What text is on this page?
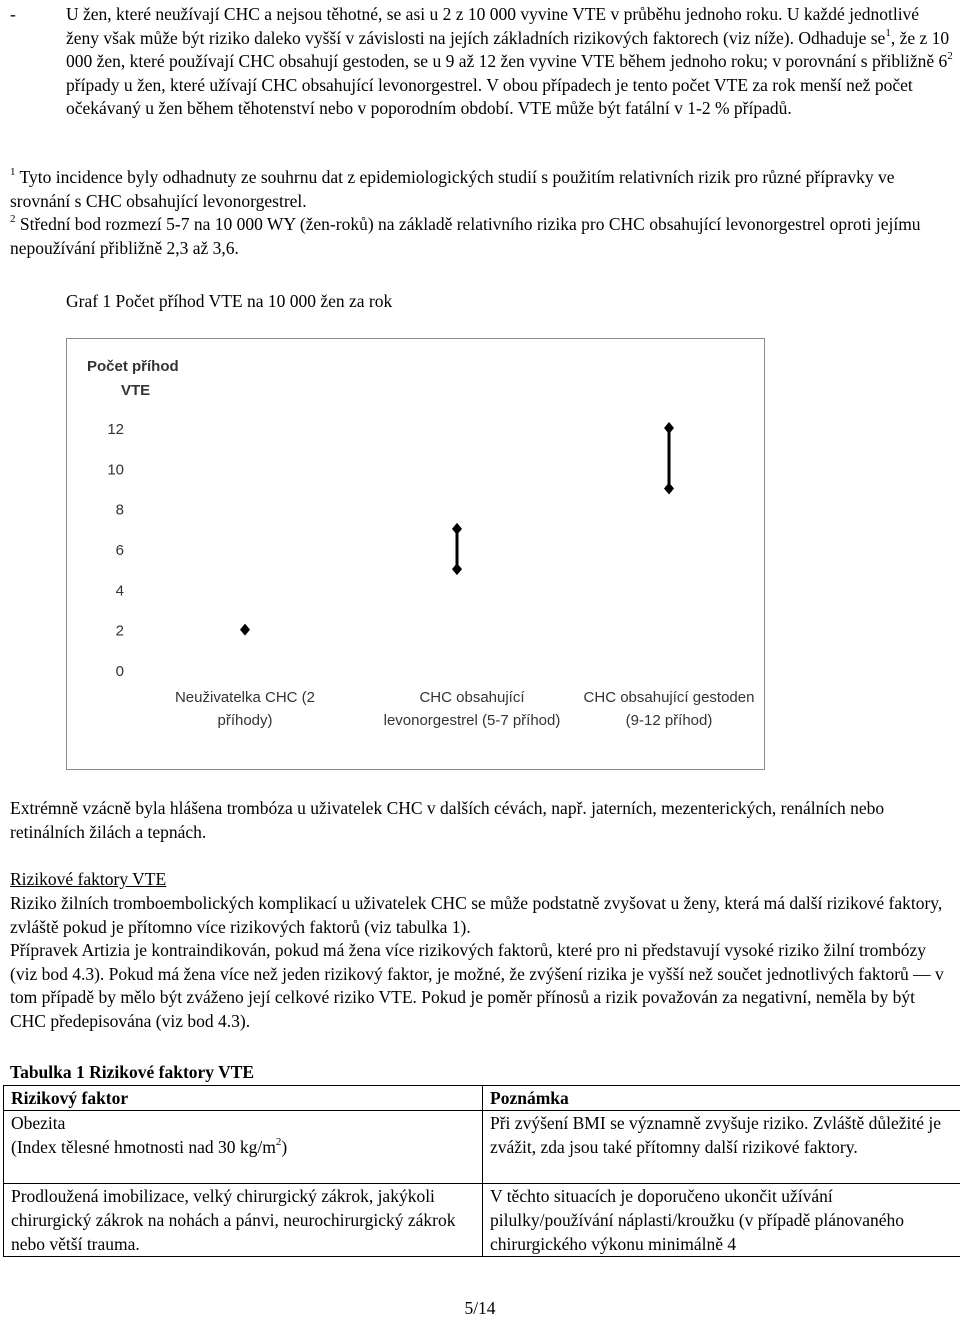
-	U žen, které neužívají CHC a nejsou těhotné, se asi u 2 z 10 000 vyvine VTE v průběhu jednoho roku. U každé jednotlivé ženy však může být riziko daleko vyšší v závislosti na jejích základních rizikových faktorech (viz níže). Odhaduje $se^1$, že z 10 000 žen, které používají CHC obsahují gestoden, se u 9 až 12 žen vyvine VTE během jednoho roku; v porovnání s přibližně $6^2$ případy u žen, které užívají CHC obsahující levonorgestrel. V obou případech je tento počet VTE za rok menší než počet očekávaný u žen během těhotenství nebo v poporodním období. VTE může být fatální v 1-2 % případů.
$^1$ Tyto incidence byly odhadnuty ze souhrnu dat z epidemiologických studií s použitím relativních rizik pro různé přípravky ve srovnání s CHC obsahující levonorgestrel.
$^2$ Střední bod rozmezí 5-7 na 10 000 WY (žen-roků) na základě relativního rizika pro CHC obsahující levonorgestrel oproti jejímu nepoužívání přibližně 2,3 až 3,6.
Graf 1 Počet příhod VTE na 10 000 žen za rok
Počet příhod
VTE
0
2
4
6
8
10
12
Neuživatelka CHC (2
příhody)
CHC obsahující
levonorgestrel (5-7 příhod)
CHC obsahující gestoden
(9-12 příhod)
Extrémně vzácně byla hlášena trombóza u uživatelek CHC v dalších cévách, např. jaterních, mezenterických, renálních nebo retinálních žilách a tepnách.
Rizikové faktory VTE
Riziko žilních tromboembolických komplikací u uživatelek CHC se může podstatně zvyšovat u ženy, která má další rizikové faktory, zvláště pokud je přítomno více rizikových faktorů (viz tabulka 1).
Přípravek Artizia je kontraindikován, pokud má žena více rizikových faktorů, které pro ni představují vysoké riziko žilní trombózy (viz bod 4.3). Pokud má žena více než jeden rizikový faktor, je možné, že zvýšení rizika je vyšší než součet jednotlivých faktorů — v tom případě by mělo být zváženo její celkové riziko VTE. Pokud je poměr přínosů a rizik považován za negativní, neměla by být CHC předepisována (viz bod 4.3).
Tabulka 1 Rizikové faktory VTE
Rizikový faktor	Poznámka

Obezita
(Index tělesné hmotnosti nad 30 $kg/m^2$)	Při zvýšení BMI se významně zvyšuje riziko. Zvláště důležité je zvážit, zda jsou také přítomny další rizikové faktory.
Prodloužená imobilizace, velký chirurgický zákrok, jakýkoli chirurgický zákrok na nohách a pánvi, neurochirurgický zákrok nebo větší trauma.	V těchto situacích je doporučeno ukončit užívání pilulky/používání náplasti/kroužku (v případě plánovaného chirurgického výkonu minimálně 4
5/14
